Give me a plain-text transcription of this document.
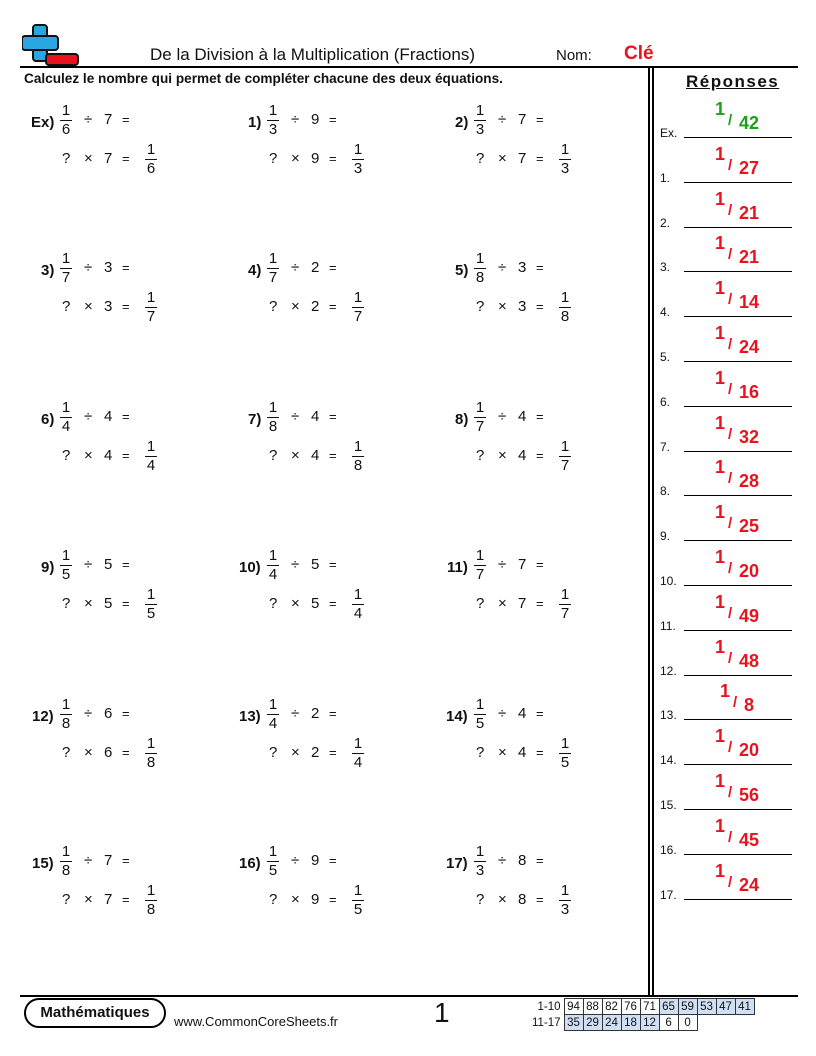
De la Division à la Multiplication (Fractions)	Nom: Clé
Calculez le nombre qui permet de compléter chacune des deux équations.
Ex)
1
6
÷ 7 =
? × 7 =
1
6
1)
1
3
÷ 9 =
? × 9 =
1
3
2)
1
3
÷ 7 =
? × 7 =
1
3
3)
1
7
÷ 3 =
? × 3 =
1
7
4)
1
7
÷ 2 =
? × 2 =
1
7
5)
1
8
÷ 3 =
? × 3 =
1
8
6)
1
4
÷ 4 =
? × 4 =
1
4
7)
1
8
÷ 4 =
? × 4 =
1
8
8)
1
7
÷ 4 =
? × 4 =
1
7
9)
1
5
÷ 5 =
? × 5 =
1
5
10)
1
4
÷ 5 =
? × 5 =
1
4
11)
1
7
÷ 7 =
? × 7 =
1
7
12)
1
8
÷ 6 =
? × 6 =
1
8
13)
1
4
÷ 2 =
? × 2 =
1
4
14)
1
5
÷ 4 =
? × 4 =
1
5
15)
1
8
÷ 7 =
? × 7 =
1
8
16)
1
5
÷ 9 =
? × 9 =
1
5
17)
1
3
÷ 8 =
? × 8 =
1
3
Réponses
Ex.
1
/ 42
1.
1
/ 27
2.
1
/ 21
3.
1
/ 21
4.
1
/ 14
5.
1
/ 24
6.
1
/ 16
7.
1
/ 32
8.
1
/ 28
9.
1
/ 25
10.
1
/ 20
11.
1
/ 49
12.
1
/ 48
13.
1
/ 8
14.
1
/ 20
15.
1
/ 56
16.
1
/ 45
17.
1
/ 24
Mathématiques
www.CommonCoreSheets.fr	1	1-10	94	88	82	76	71	65	59	53	47	41
11-17	35	29	24	18	12	6	0			
